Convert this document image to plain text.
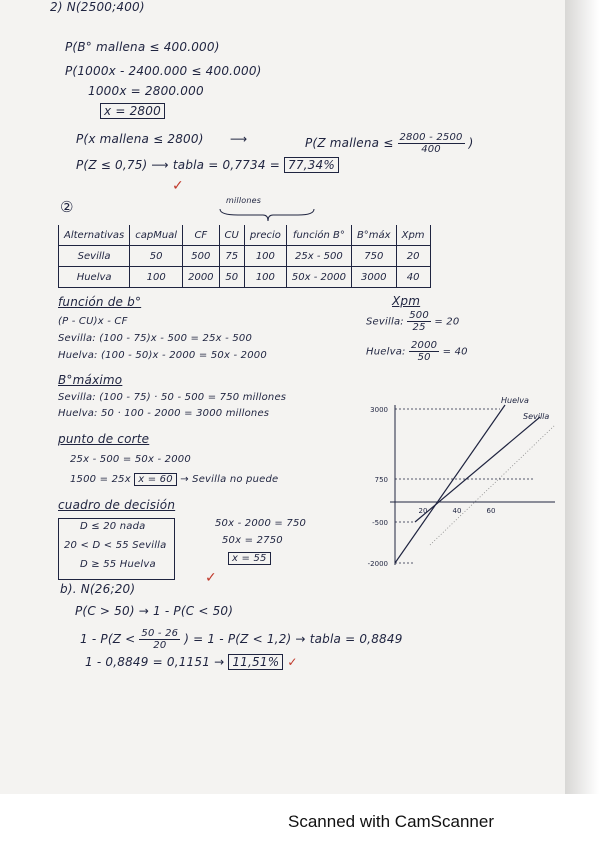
2) N(2500;400)
P(B° mallena ≤ 400.000)
P(1000x - 2400.000 ≤ 400.000)
1000x = 2800.000
x = 2800
P(x mallena ≤ 2800) ⟶	P(Z mallena ≤ $\frac{2800 - 2500}{400}$ )
P(Z ≤ 0,75) ⟶ tabla = 0,7734 = 77,34%
✓
②	millones
Alternativas	capMual	CF	CU	precio	función B°	B°máx	Xpm
Sevilla	50	500	75	100	25x - 500	750	20
Huelva	100	2000	50	100	50x - 2000	3000	40
función de b°
(P - CU)x - CF
Sevilla: (100 - 75)x - 500 = 25x - 500
Huelva: (100 - 50)x - 2000 = 50x - 2000
Xpm
Sevilla: $\frac{500}{25} = 20$
Huelva: $\frac{2000}{50} = 40$
B°máximo
Sevilla: (100 - 75) · 50 - 500 = 750 millones
Huelva: 50 · 100 - 2000 = 3000 millones
punto de corte
25x - 500 = 50x - 2000
1500 = 25x x = 60 → Sevilla no puede
cuadro de decisión
D ≤ 20 nada
20 < D < 55 Sevilla
D ≥ 55 Huelva
50x - 2000 = 750
50x = 2750
x = 55
✓
3000
750
-500
-2000
20	40	60
Huelva
Sevilla
b). N(26;20)
P(C > 50) → 1 - P(C < 50)
$1 - P(Z < \frac{50 - 26}{20}$ ) = 1 - P(Z < 1,2) → tabla = 0,8849
1 - 0,8849 = 0,1151 → 11,51% ✓
Scanned with CamScanner
